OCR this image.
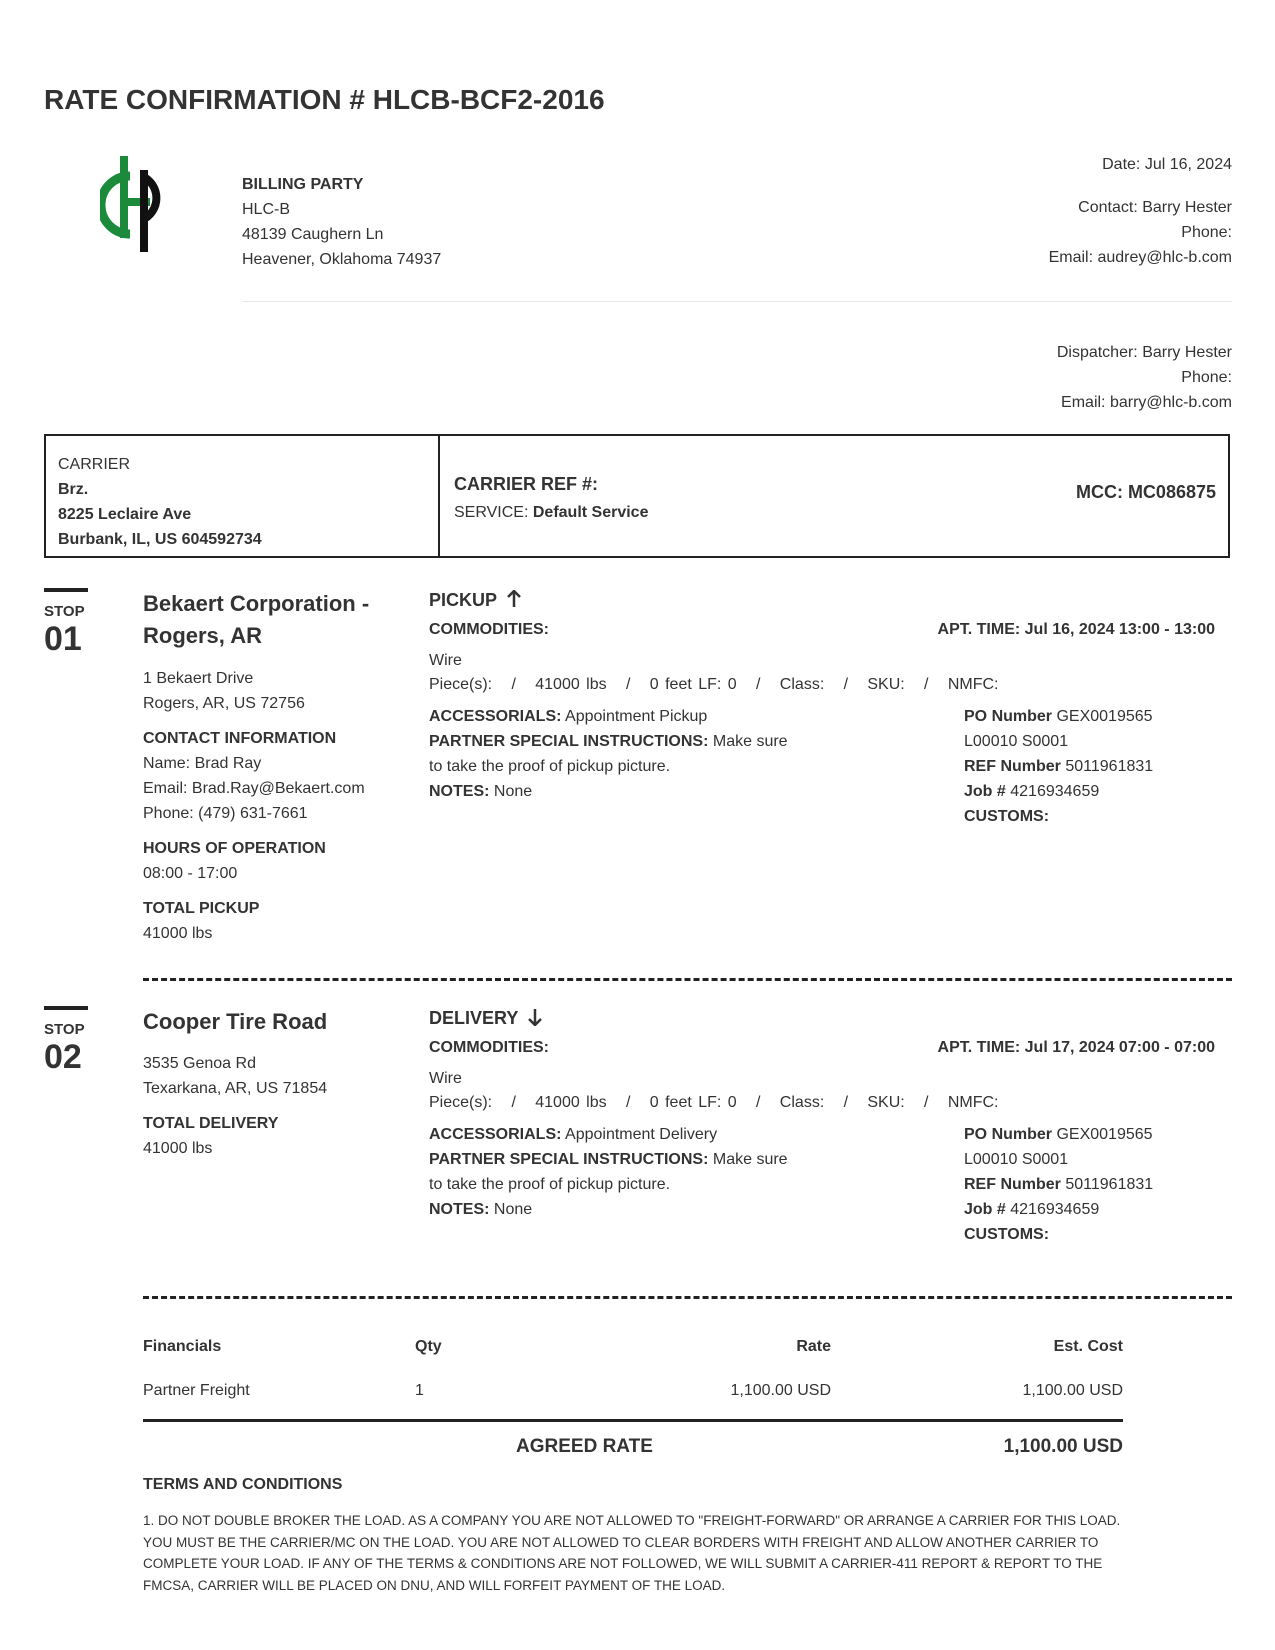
RATE CONFIRMATION # HLCB-BCF2-2016
BILLING PARTY
HLC-B
48139 Caughern Ln
Heavener, Oklahoma 74937
Date: Jul 16, 2024
Contact: Barry Hester
Phone:
Email: audrey@hlc-b.com
Dispatcher: Barry Hester
Phone:
Email: barry@hlc-b.com
CARRIER
Brz.
8225 Leclaire Ave
Burbank, IL, US 604592734
CARRIER REF #:
SERVICE: Default Service
MCC: MC086875
STOP
01
Bekaert Corporation - Rogers, AR
1 Bekaert Drive
Rogers, AR, US 72756
CONTACT INFORMATION
Name: Brad Ray
Email: Brad.Ray@Bekaert.com
Phone: (479) 631-7661
HOURS OF OPERATION
08:00 - 17:00
TOTAL PICKUP
41000 lbs
PICKUP
COMMODITIES:	APT. TIME: Jul 16, 2024 13:00 - 13:00
Wire
Piece(s):   /   41000 lbs   /   0 feet LF: 0   /   Class:   /   SKU:   /   NMFC:
ACCESSORIALS: Appointment Pickup
PARTNER SPECIAL INSTRUCTIONS: Make sure to take the proof of pickup picture.
NOTES: None
PO Number GEX0019565 L00010 S0001
REF Number 5011961831
Job # 4216934659
CUSTOMS:
STOP
02
Cooper Tire Road
3535 Genoa Rd
Texarkana, AR, US 71854
TOTAL DELIVERY
41000 lbs
DELIVERY
COMMODITIES:	APT. TIME: Jul 17, 2024 07:00 - 07:00
Wire
Piece(s):   /   41000 lbs   /   0 feet LF: 0   /   Class:   /   SKU:   /   NMFC:
ACCESSORIALS: Appointment Delivery
PARTNER SPECIAL INSTRUCTIONS: Make sure to take the proof of pickup picture.
NOTES: None
PO Number GEX0019565 L00010 S0001
REF Number 5011961831
Job # 4216934659
CUSTOMS:
Financials	Qty	Rate	Est. Cost
Partner Freight	1	1,100.00 USD	1,100.00 USD
AGREED RATE	1,100.00 USD
TERMS AND CONDITIONS
1. DO NOT DOUBLE BROKER THE LOAD. AS A COMPANY YOU ARE NOT ALLOWED TO "FREIGHT-FORWARD" OR ARRANGE A CARRIER FOR THIS LOAD. YOU MUST BE THE CARRIER/MC ON THE LOAD. YOU ARE NOT ALLOWED TO CLEAR BORDERS WITH FREIGHT AND ALLOW ANOTHER CARRIER TO COMPLETE YOUR LOAD. IF ANY OF THE TERMS & CONDITIONS ARE NOT FOLLOWED, WE WILL SUBMIT A CARRIER-411 REPORT & REPORT TO THE FMCSA, CARRIER WILL BE PLACED ON DNU, AND WILL FORFEIT PAYMENT OF THE LOAD.
